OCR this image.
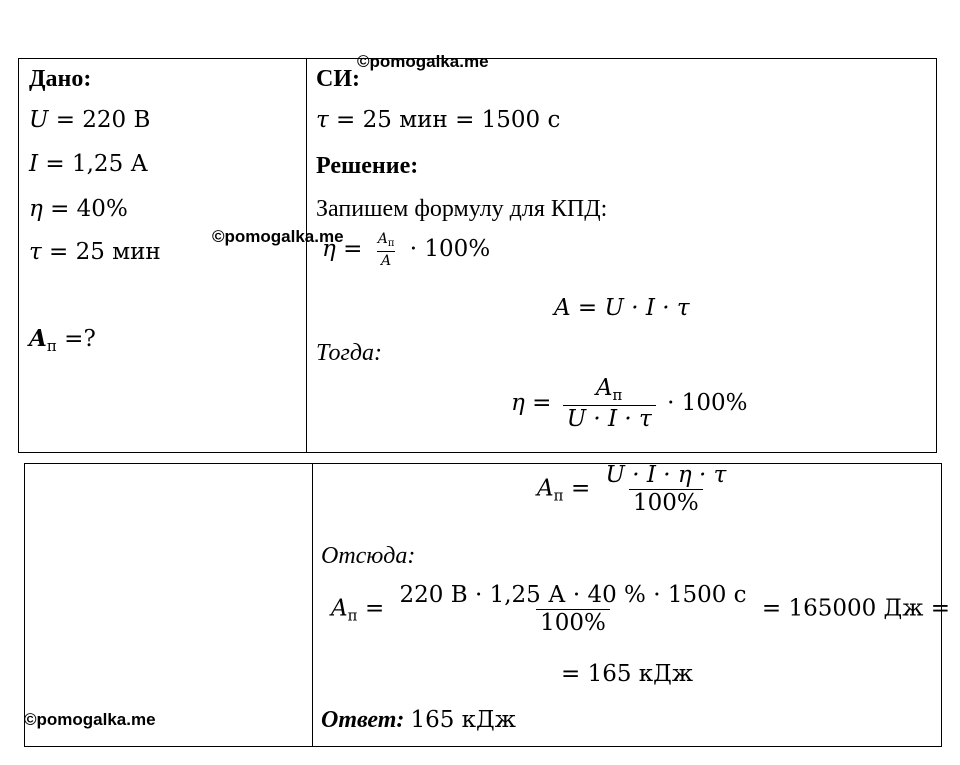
©pomogalka.me
©pomogalka.me
©pomogalka.me
Дано:
U = 220 В
I = 1,25 А
η = 40%
τ = 25 мин
$A_п$ =?
СИ:
τ = 25 мин = 1500 с
Решение:
Запишем формулу для КПД:
$\eta = \frac{A_п}{A} \cdot 100\%$
A = U · I · τ
Тогда:
$\eta = \frac{A_п}{U \cdot I \cdot \tau} \cdot 100\%$
$A_п = \frac{U \cdot I \cdot \eta \cdot \tau}{100\%}$
Отсюда:
$A_п = \frac{220 В \cdot 1,25 А \cdot 40 \% \cdot 1500 с}{100\%} = 165000$ Дж =
= 165 кДж
Ответ: 165 кДж
